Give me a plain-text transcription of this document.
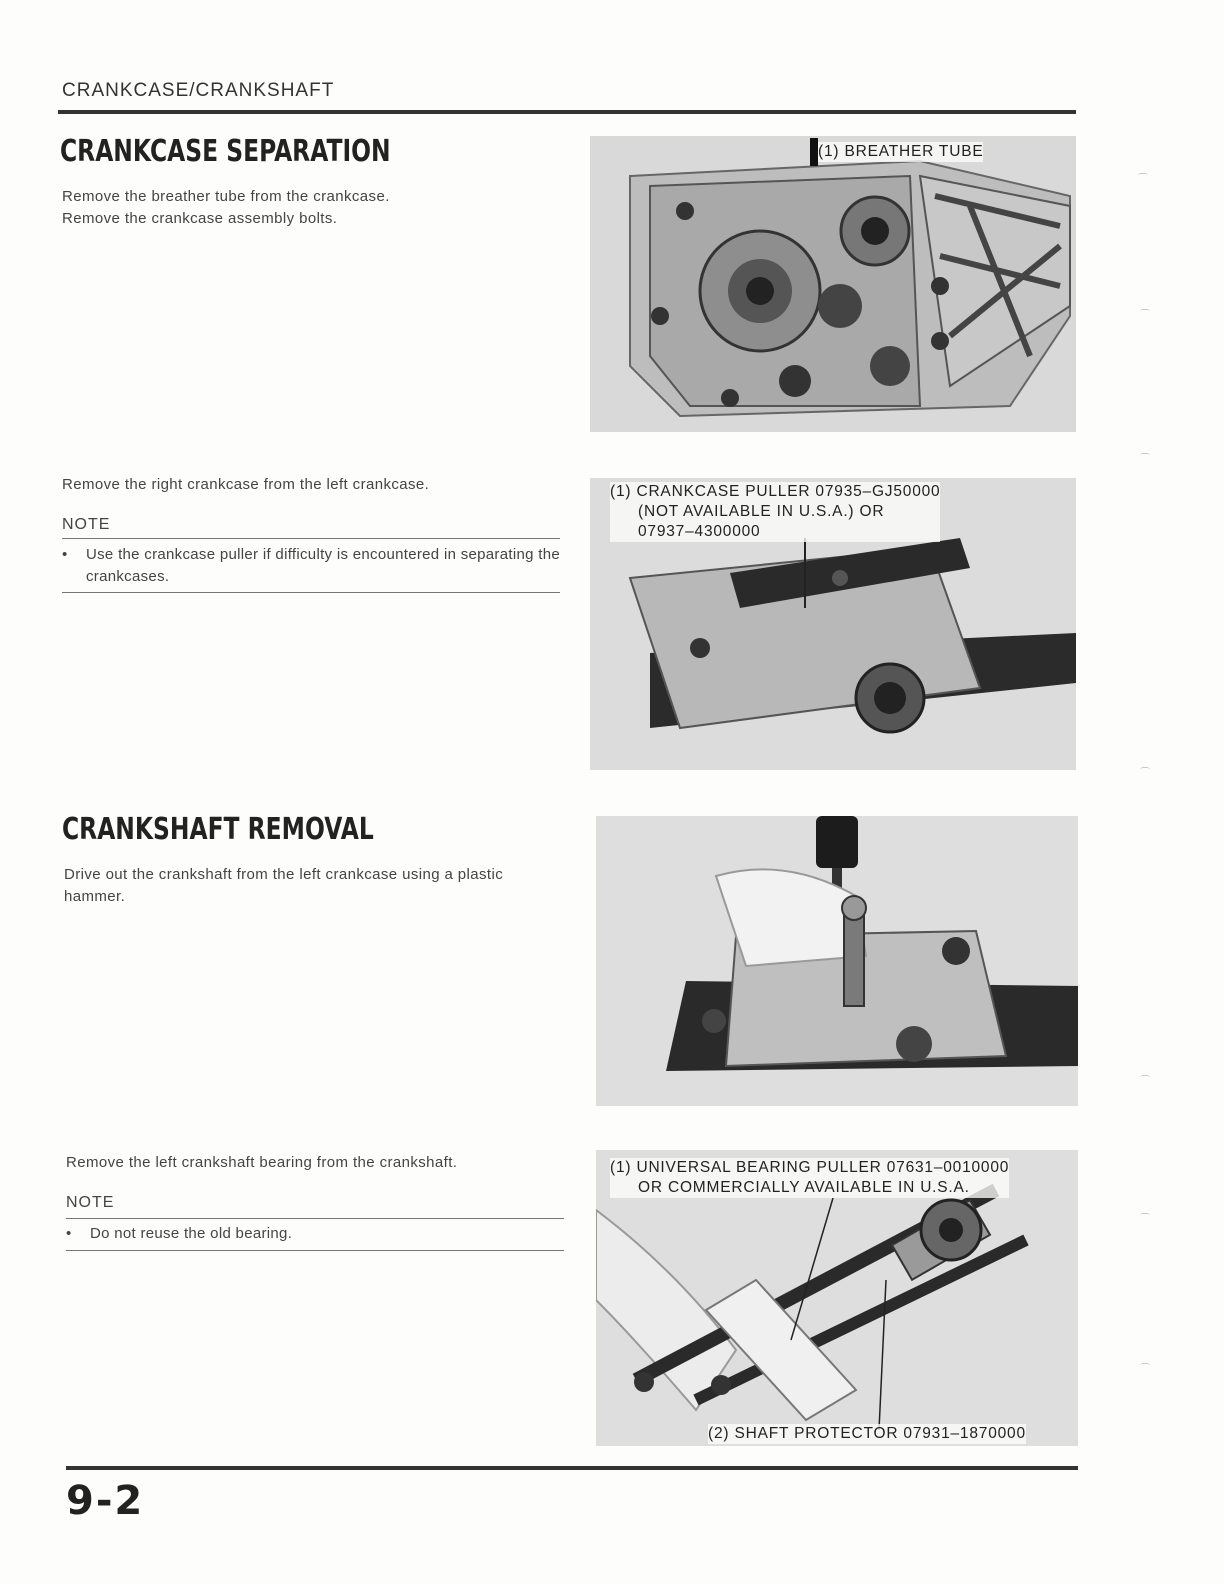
CRANKCASE/CRANKSHAFT
CRANKCASE SEPARATION
Remove the breather tube from the crankcase.
Remove the crankcase assembly bolts.
Remove the right crankcase from the left crankcase.
NOTE
•	Use the crankcase puller if difficulty is encountered in separating the crankcases.
CRANKSHAFT REMOVAL
Drive out the crankshaft from the left crankcase using a plastic hammer.
Remove the left crankshaft bearing from the crankshaft.
NOTE
•	Do not reuse the old bearing.
(1) BREATHER TUBE
(1) CRANKCASE PULLER 07935–GJ50000
(NOT AVAILABLE IN U.S.A.) OR
07937–4300000
(1) UNIVERSAL BEARING PULLER 07631–0010000
OR COMMERCIALLY AVAILABLE IN U.S.A.
(2) SHAFT PROTECTOR 07931–1870000
⌒
⌒
⌒
⌒
⌒
⌒
⌒
9-2
